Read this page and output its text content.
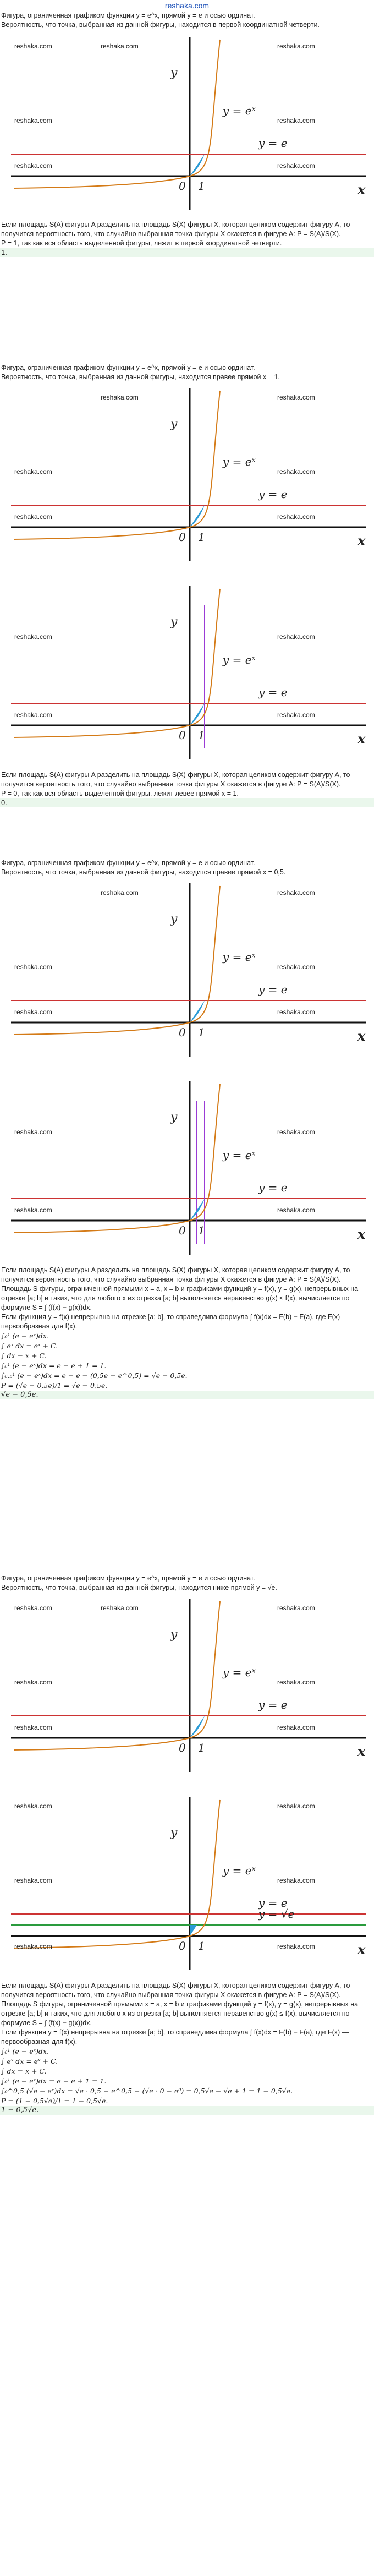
reshaka.com

Фигура, ограниченная графиком функции y = e^x, прямой y = e и осью ординат.

Вероятность, что точка, выбранная из данной фигуры, находится в первой координатной четверти.

reshaka.com	reshaka.com	reshaka.com
reshaka.com	reshaka.com
reshaka.com	reshaka.com
y
y = eˣ
y = e
0 1	x

Если площадь S(A) фигуры A разделить на площадь S(X) фигуры X, которая целиком содержит фигуру A, то получится вероятность того, что случайно выбранная точка фигуры X окажется в фигуре A: P = S(A)/S(X).

P = 1, так как вся область выделенной фигуры, лежит в первой координатной четверти.

1.

Фигура, ограниченная графиком функции y = e^x, прямой y = e и осью ординат.

Вероятность, что точка, выбранная из данной фигуры, находится правее прямой x = 1.

reshaka.com	reshaka.com
reshaka.com	reshaka.com
reshaka.com	reshaka.com
y
y = eˣ
y = e
0 1	x
reshaka.com	reshaka.com
reshaka.com	reshaka.com
y
y = eˣ
y = e
0 1	x

Если площадь S(A) фигуры A разделить на площадь S(X) фигуры X, которая целиком содержит фигуру A, то получится вероятность того, что случайно выбранная точка фигуры X окажется в фигуре A: P = S(A)/S(X).

P = 0, так как вся область выделенной фигуры, лежит левее прямой x = 1.

0.

Фигура, ограниченная графиком функции y = e^x, прямой y = e и осью ординат.

Вероятность, что точка, выбранная из данной фигуры, находится правее прямой x = 0,5.

reshaka.com	reshaka.com
reshaka.com	reshaka.com
reshaka.com	reshaka.com
y
y = eˣ
y = e
0 1	x
reshaka.com	reshaka.com
reshaka.com	reshaka.com
y
y = eˣ
y = e
0 1	x

Если площадь S(A) фигуры A разделить на площадь S(X) фигуры X, которая целиком содержит фигуру A, то получится вероятность того, что случайно выбранная точка фигуры X окажется в фигуре A: P = S(A)/S(X).

Площадь S фигуры, ограниченной прямыми x = a, x = b и графиками функций y = f(x), y = g(x), непрерывных на отрезке [a; b] и таких, что для любого x из отрезка [a; b] выполняется неравенство g(x) ≤ f(x), вычисляется по формуле S = ∫ (f(x) − g(x))dx.

Если функция y = f(x) непрерывна на отрезке [a; b], то справедлива формула ∫ f(x)dx = F(b) − F(a), где F(x) — первообразная для f(x).

∫₀¹ (e − eˣ)dx.

∫ eˣ dx = eˣ + C.

∫ dx = x + C.

∫₀¹ (e − eˣ)dx = e − e + 1 = 1.

∫₀.₅¹ (e − eˣ)dx = e − e − (0,5e − e^0,5) = √e − 0,5e.

P = (√e − 0,5e)/1 = √e − 0,5e.

√e − 0,5e.

Фигура, ограниченная графиком функции y = e^x, прямой y = e и осью ординат.

Вероятность, что точка, выбранная из данной фигуры, находится ниже прямой y = √e.

reshaka.com	reshaka.com	reshaka.com
reshaka.com	reshaka.com
reshaka.com	reshaka.com
y
y = eˣ
y = e
0 1	x
reshaka.com	reshaka.com
reshaka.com	reshaka.com
reshaka.com	reshaka.com
y
y = eˣ
y = e
y = √e
0 1	x

Если площадь S(A) фигуры A разделить на площадь S(X) фигуры X, которая целиком содержит фигуру A, то получится вероятность того, что случайно выбранная точка фигуры X окажется в фигуре A: P = S(A)/S(X).

Площадь S фигуры, ограниченной прямыми x = a, x = b и графиками функций y = f(x), y = g(x), непрерывных на отрезке [a; b] и таких, что для любого x из отрезка [a; b] выполняется неравенство g(x) ≤ f(x), вычисляется по формуле S = ∫ (f(x) − g(x))dx.

Если функция y = f(x) непрерывна на отрезке [a; b], то справедлива формула ∫ f(x)dx = F(b) − F(a), где F(x) — первообразная для f(x).

∫₀¹ (e − eˣ)dx.

∫ eˣ dx = eˣ + C.

∫ dx = x + C.

∫₀¹ (e − eˣ)dx = e − e + 1 = 1.

∫₀^0,5 (√e − eˣ)dx = √e · 0,5 − e^0,5 − (√e · 0 − e⁰) = 0,5√e − √e + 1 = 1 − 0,5√e.

P = (1 − 0,5√e)/1 = 1 − 0,5√e.

1 − 0,5√e.
